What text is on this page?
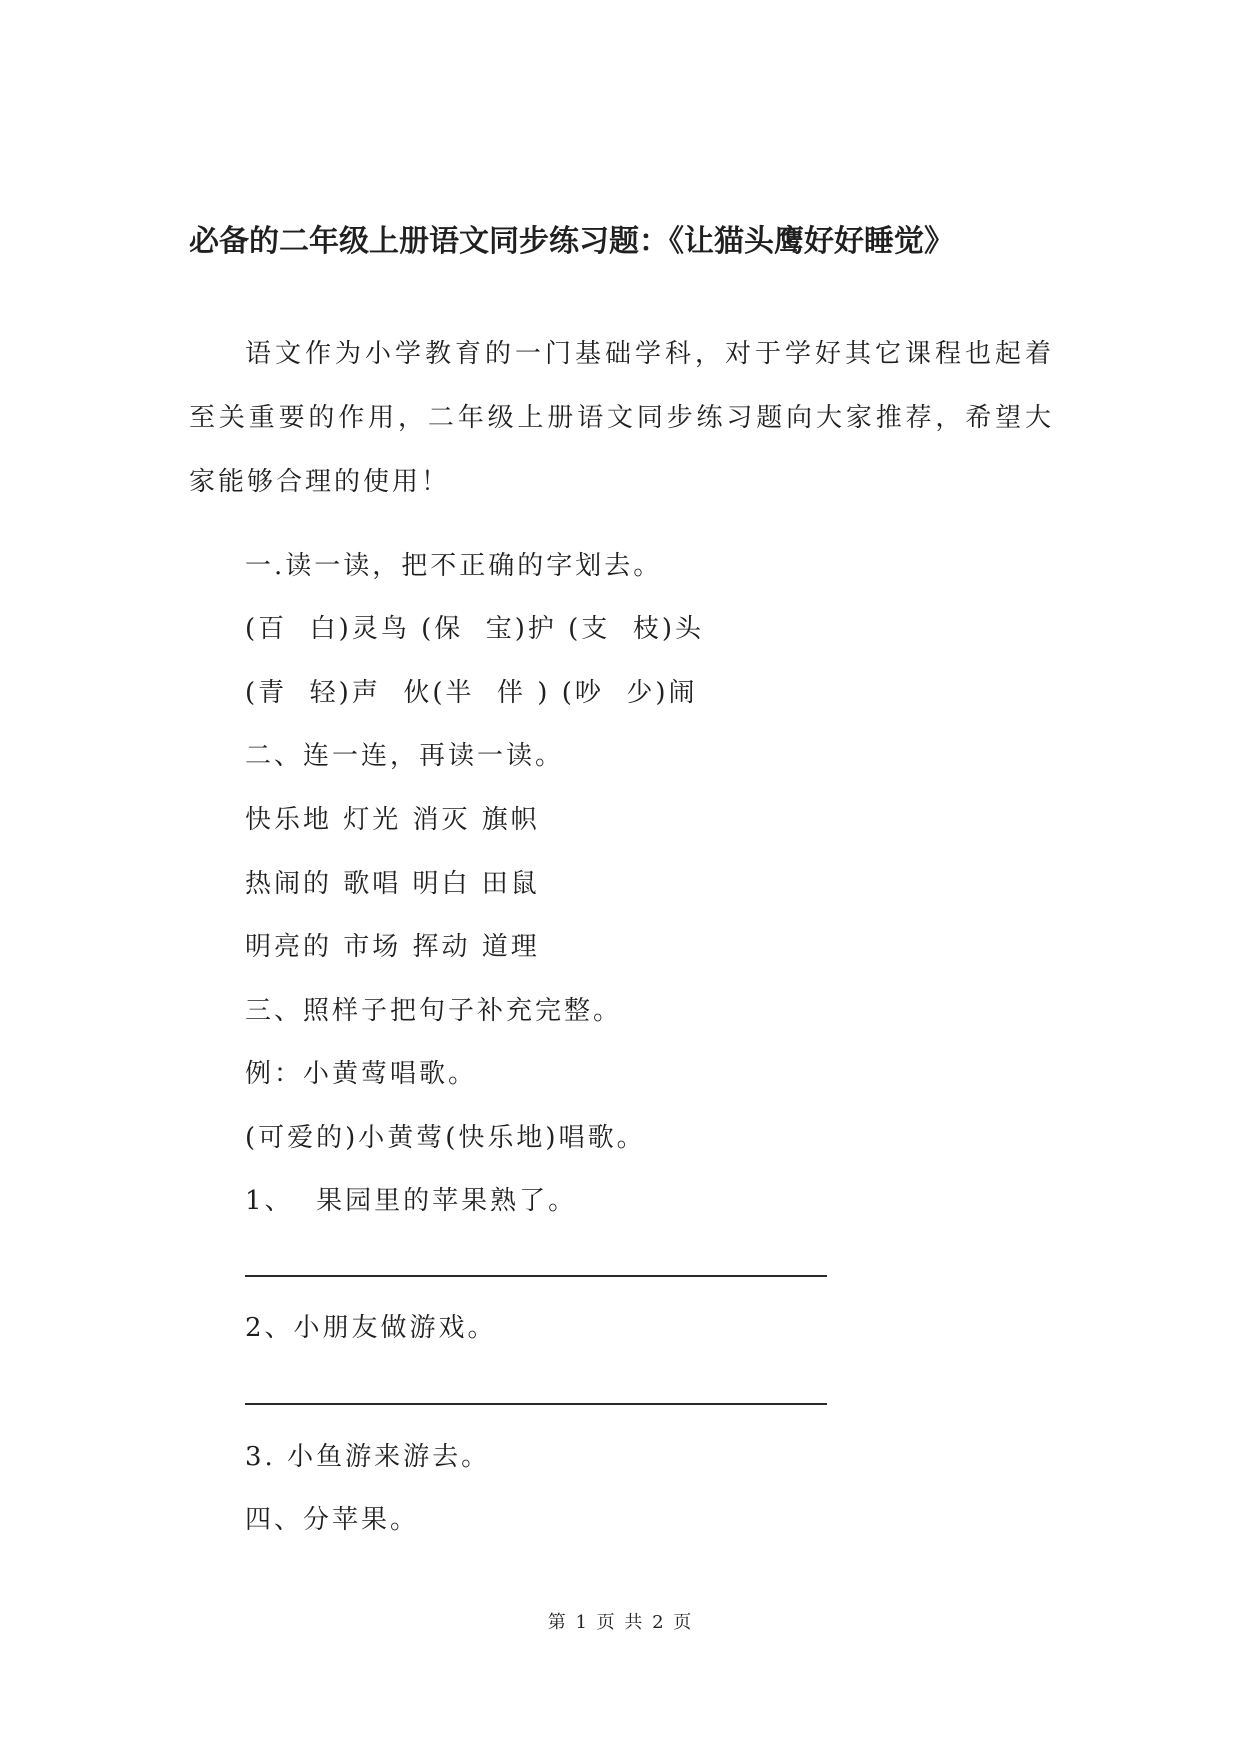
必备的二年级上册语文同步练习题：《让猫头鹰好好睡觉》
语文作为小学教育的一门基础学科，对于学好其它课程也起着至关重要的作用，二年级上册语文同步练习题向大家推荐，希望大家能够合理的使用！
一.读一读，把不正确的字划去。
(百  白)灵鸟 (保  宝)护 (支  枝)头
(青  轻)声  伙(半  伴 ) (吵  少)闹
二、连一连，再读一读。
快乐地 灯光 消灭 旗帜
热闹的 歌唱 明白 田鼠
明亮的 市场 挥动 道理
三、照样子把句子补充完整。
例：小黄莺唱歌。
(可爱的)小黄莺(快乐地)唱歌。
1、  果园里的苹果熟了。
2、小朋友做游戏。
3. 小鱼游来游去。
四、分苹果。
第 1 页 共 2 页
